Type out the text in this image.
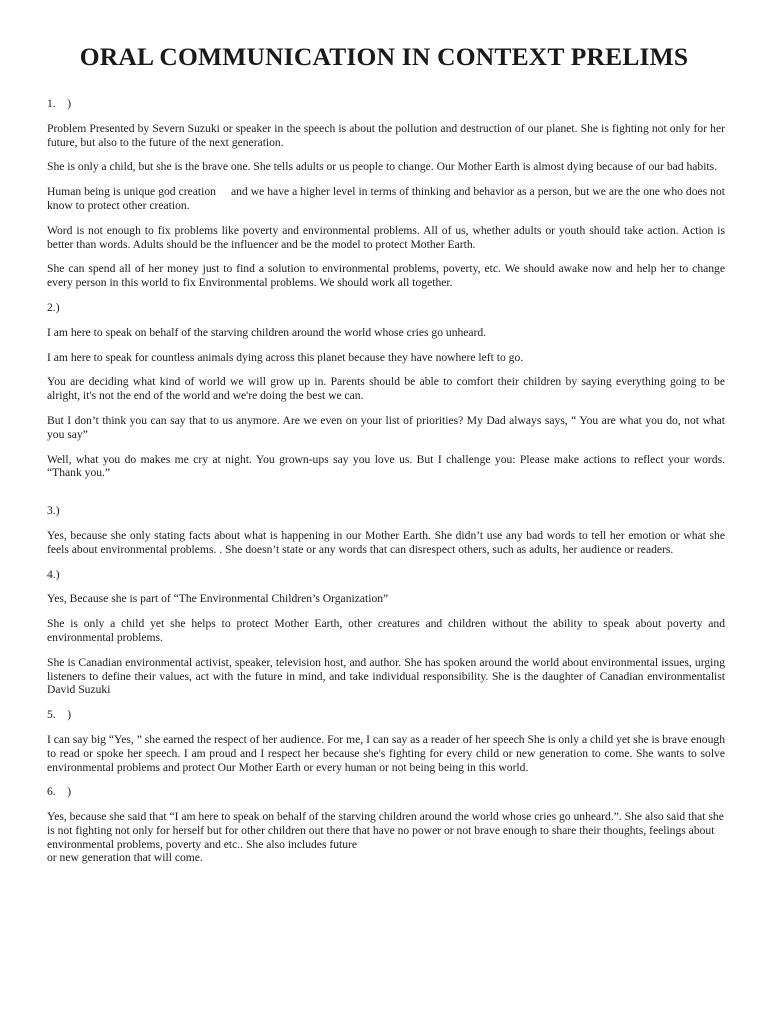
ORAL COMMUNICATION IN CONTEXT PRELIMS

1.    )

Problem Presented by Severn Suzuki or speaker in the speech is about the pollution and destruction of our planet. She is fighting not only for her future, but also to the future of the next generation.

She is only a child, but she is the brave one. She tells adults or us people to change. Our Mother Earth is almost dying because of our bad habits.

Human being is unique god creation     and we have a higher level in terms of thinking and behavior as a person, but we are the one who does not know to protect other creation.

Word is not enough to fix problems like poverty and environmental problems. All of us, whether adults or youth should take action. Action is better than words. Adults should be the influencer and be the model to protect Mother Earth.

She can spend all of her money just to find a solution to environmental problems, poverty, etc. We should awake now and help her to change every person in this world to fix Environmental problems. We should work all together.

2.)

I am here to speak on behalf of the starving children around the world whose cries go unheard.

I am here to speak for countless animals dying across this planet because they have nowhere left to go.

You are deciding what kind of world we will grow up in. Parents should be able to comfort their children by saying everything going to be alright, it's not the end of the world and we're doing the best we can.

But I don’t think you can say that to us anymore. Are we even on your list of priorities? My Dad always says, “ You are what you do, not what you say”

Well, what you do makes me cry at night. You grown-ups say you love us. But I challenge you: Please make actions to reflect your words. “Thank you.”

3.)

Yes, because she only stating facts about what is happening in our Mother Earth. She didn’t use any bad words to tell her emotion or what she feels about environmental problems. . She doesn’t state or any words that can disrespect others, such as adults, her audience or readers.

4.)

Yes, Because she is part of “The Environmental Children’s Organization”

She is only a child yet she helps to protect Mother Earth, other creatures and children without the ability to speak about poverty and environmental problems.

She is Canadian environmental activist, speaker, television host, and author. She has spoken around the world about environmental issues, urging listeners to define their values, act with the future in mind, and take individual responsibility. She is the daughter of Canadian environmentalist David Suzuki

5.    )

I can say big “Yes, ” she earned the respect of her audience. For me, I can say as a reader of her speech She is only a child yet she is brave enough to read or spoke her speech. I am proud and I respect her because she's fighting for every child or new generation to come. She wants to solve environmental problems and protect Our Mother Earth or every human or not being being in this world.

6.    )

Yes, because she said that “I am here to speak on behalf of the starving children around the world whose cries go unheard.”. She also said that she is not fighting not only for herself but for other children out there that have no power or not brave enough to share their thoughts, feelings about environmental problems, poverty and etc.. She also includes future

or new generation that will come.
